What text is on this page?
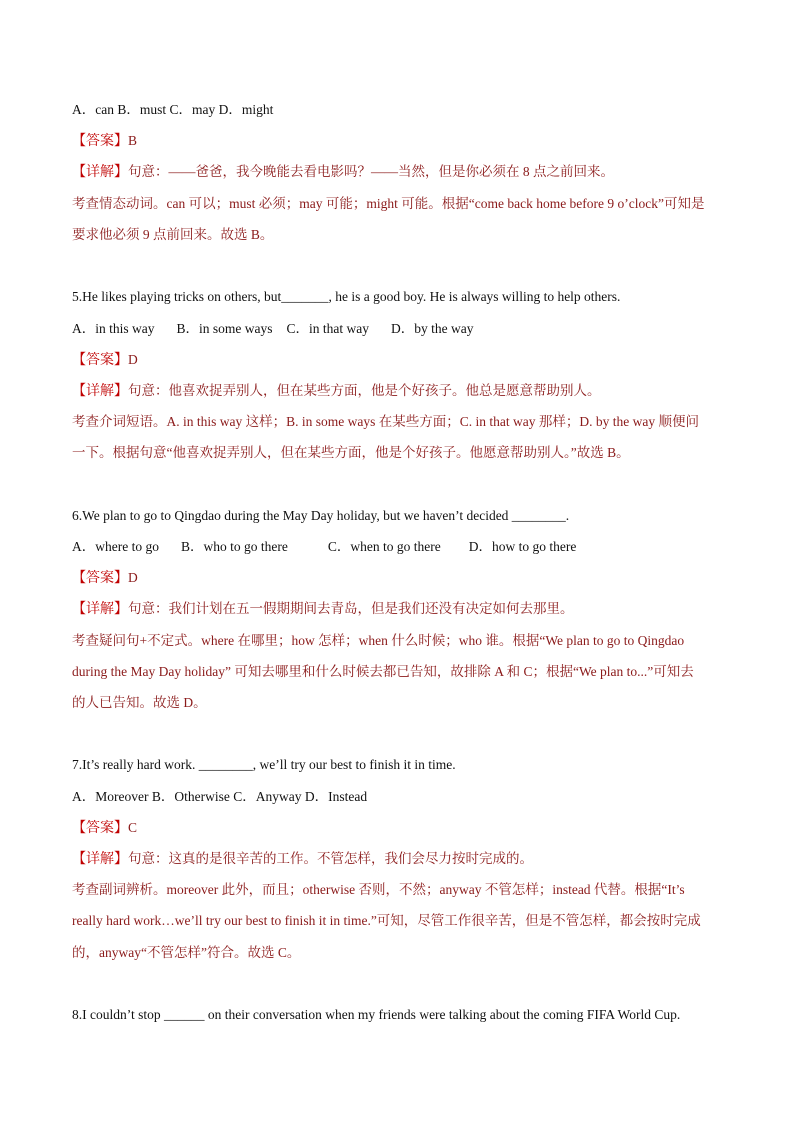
A．can B．must C．may D．might
【答案】B
【详解】句意：——爸爸，我今晚能去看电影吗？——当然，但是你必须在 8 点之前回来。
考查情态动词。can 可以；must 必须；may 可能；might 可能。根据“come back home before 9 o’clock”可知是
要求他必须 9 点前回来。故选 B。
5.He likes playing tricks on others, but_______, he is a good boy. He is always willing to help others.
A．in this way B．in some ways C．in that way D．by the way
【答案】D
【详解】句意：他喜欢捉弄别人，但在某些方面，他是个好孩子。他总是愿意帮助别人。
考查介词短语。A. in this way 这样；B. in some ways 在某些方面；C. in that way 那样；D. by the way 顺便问
一下。根据句意“他喜欢捉弄别人，但在某些方面，他是个好孩子。他愿意帮助别人。”故选 B。
6.We plan to go to Qingdao during the May Day holiday, but we haven’t decided ________.
A．where to go B．who to go there	C．when to go there D．how to go there
【答案】D
【详解】句意：我们计划在五一假期期间去青岛，但是我们还没有决定如何去那里。
考查疑问句+不定式。where 在哪里；how 怎样；when 什么时候；who 谁。根据“We plan to go to Qingdao
during the May Day holiday” 可知去哪里和什么时候去都已告知，故排除 A 和 C；根据“We plan to...”可知去
的人已告知。故选 D。
7.It’s really hard work. ________, we’ll try our best to finish it in time.
A．Moreover B．Otherwise C．Anyway D．Instead
【答案】C
【详解】句意：这真的是很辛苦的工作。不管怎样，我们会尽力按时完成的。
考查副词辨析。moreover 此外，而且；otherwise 否则，不然；anyway 不管怎样；instead 代替。根据“It’s
really hard work…we’ll try our best to finish it in time.”可知，尽管工作很辛苦，但是不管怎样，都会按时完成
的，anyway“不管怎样”符合。故选 C。
8.I couldn’t stop ______ on their conversation when my friends were talking about the coming FIFA World Cup.
